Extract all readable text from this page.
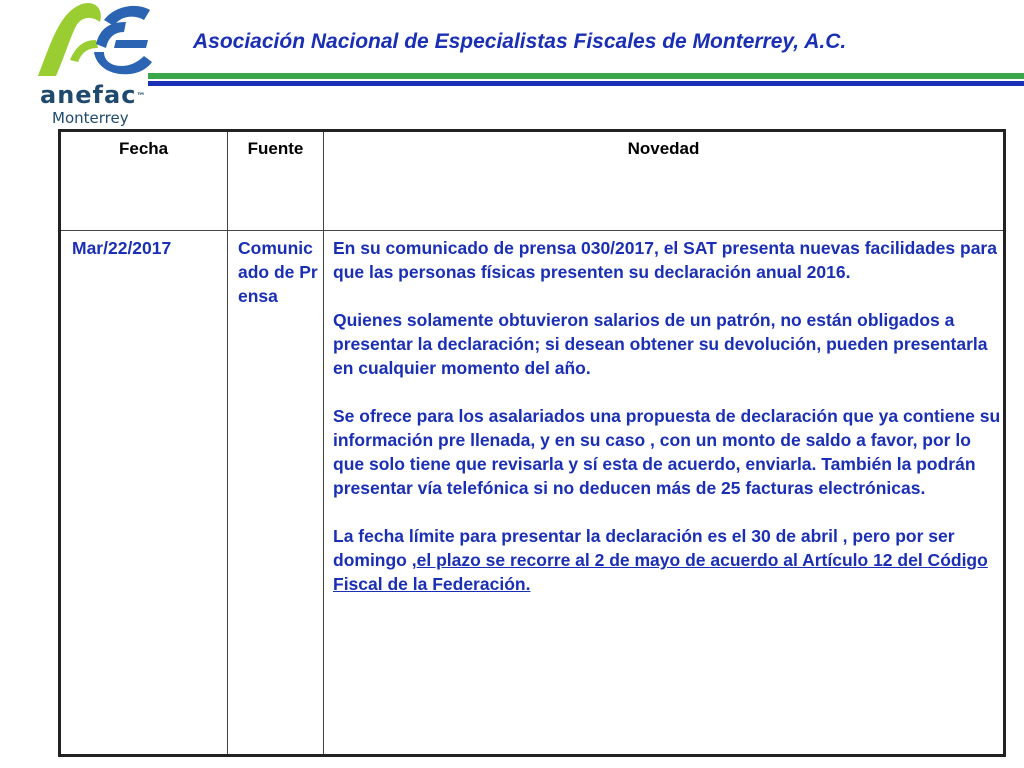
anefac™
Monterrey
Asociación Nacional de Especialistas Fiscales de Monterrey, A.C.
Fecha	Fuente	Novedad
Mar/22/2017	Comunicado de Prensa	En su comunicado de prensa 030/2017, el SAT presenta nuevas facilidades para que las personas físicas presenten su declaración anual 2016.

Quienes solamente obtuvieron salarios de un patrón, no están obligados a presentar la declaración; si desean obtener su devolución, pueden presentarla en cualquier momento del año.

Se ofrece para los asalariados una propuesta de declaración que ya contiene su información pre llenada, y en su caso , con un monto de saldo a favor, por lo que solo tiene que revisarla y sí esta de acuerdo, enviarla. También la podrán presentar vía telefónica si no deducen más de 25 facturas electrónicas.

La fecha límite para presentar la declaración es el 30 de abril , pero por ser domingo ,el plazo se recorre al 2 de mayo de acuerdo al Artículo 12 del Código Fiscal de la Federación.
